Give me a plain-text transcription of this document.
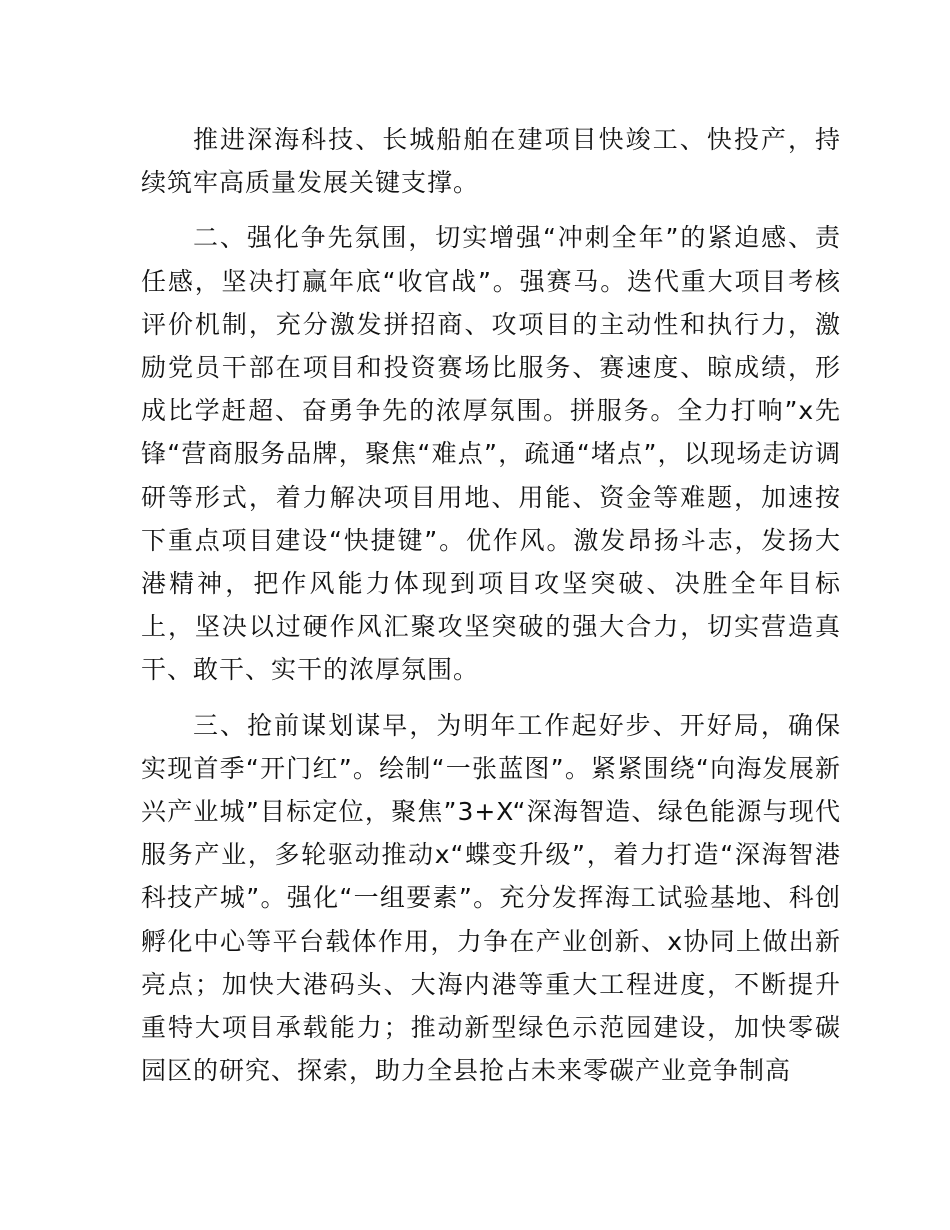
推进深海科技、长城船舶在建项目快竣工、快投产，持续筑牢高质量发展关键支撑。

二、强化争先氛围，切实增强“冲刺全年”的紧迫感、责任感，坚决打赢年底“收官战”。强赛马。迭代重大项目考核评价机制，充分激发拼招商、攻项目的主动性和执行力，激励党员干部在项目和投资赛场比服务、赛速度、晾成绩，形成比学赶超、奋勇争先的浓厚氛围。拼服务。全力打响”x先锋“营商服务品牌，聚焦“难点”，疏通“堵点”，以现场走访调研等形式，着力解决项目用地、用能、资金等难题，加速按下重点项目建设“快捷键”。优作风。激发昂扬斗志，发扬大港精神，把作风能力体现到项目攻坚突破、决胜全年目标上，坚决以过硬作风汇聚攻坚突破的强大合力，切实营造真干、敢干、实干的浓厚氛围。

三、抢前谋划谋早，为明年工作起好步、开好局，确保实现首季“开门红”。绘制“一张蓝图”。紧紧围绕“向海发展新兴产业城”目标定位，聚焦”3+X“深海智造、绿色能源与现代服务产业，多轮驱动推动x“蝶变升级”，着力打造“深海智港科技产城”。强化“一组要素”。充分发挥海工试验基地、科创孵化中心等平台载体作用，力争在产业创新、x协同上做出新亮点；加快大港码头、大海内港等重大工程进度，不断提升重特大项目承载能力；推动新型绿色示范园建设，加快零碳园区的研究、探索，助力全县抢占未来零碳产业竞争制高
